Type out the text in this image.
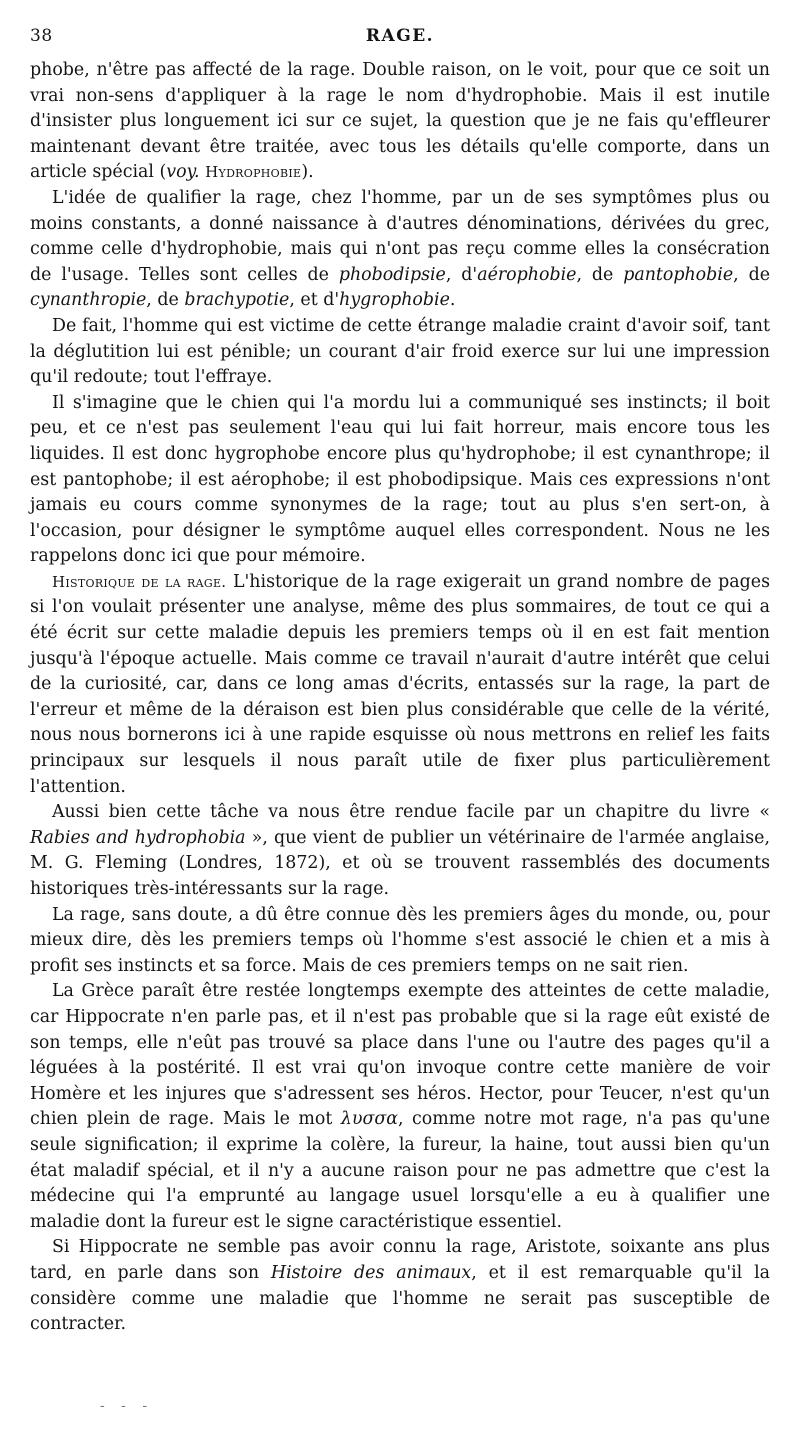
38	RAGE.

phobe, n'être pas affecté de la rage. Double raison, on le voit, pour que ce soit un vrai non-sens d'appliquer à la rage le nom d'hydrophobie. Mais il est inutile d'insister plus longuement ici sur ce sujet, la question que je ne fais qu'effleurer maintenant devant être traitée, avec tous les détails qu'elle comporte, dans un article spécial (voy. Hydrophobie).

L'idée de qualifier la rage, chez l'homme, par un de ses symptômes plus ou moins constants, a donné naissance à d'autres dénominations, dérivées du grec, comme celle d'hydrophobie, mais qui n'ont pas reçu comme elles la consécration de l'usage. Telles sont celles de phobodipsie, d'aérophobie, de pantophobie, de cynanthropie, de brachypotie, et d'hygrophobie.

De fait, l'homme qui est victime de cette étrange maladie craint d'avoir soif, tant la déglutition lui est pénible; un courant d'air froid exerce sur lui une impression qu'il redoute; tout l'effraye.

Il s'imagine que le chien qui l'a mordu lui a communiqué ses instincts; il boit peu, et ce n'est pas seulement l'eau qui lui fait horreur, mais encore tous les liquides. Il est donc hygrophobe encore plus qu'hydrophobe; il est cynanthrope; il est pantophobe; il est aérophobe; il est phobodipsique. Mais ces expressions n'ont jamais eu cours comme synonymes de la rage; tout au plus s'en sert-on, à l'occasion, pour désigner le symptôme auquel elles correspondent. Nous ne les rappelons donc ici que pour mémoire.

Historique de la rage. L'historique de la rage exigerait un grand nombre de pages si l'on voulait présenter une analyse, même des plus sommaires, de tout ce qui a été écrit sur cette maladie depuis les premiers temps où il en est fait mention jusqu'à l'époque actuelle. Mais comme ce travail n'aurait d'autre intérêt que celui de la curiosité, car, dans ce long amas d'écrits, entassés sur la rage, la part de l'erreur et même de la déraison est bien plus considérable que celle de la vérité, nous nous bornerons ici à une rapide esquisse où nous mettrons en relief les faits principaux sur lesquels il nous paraît utile de fixer plus particulièrement l'attention.

Aussi bien cette tâche va nous être rendue facile par un chapitre du livre « Rabies and hydrophobia », que vient de publier un vétérinaire de l'armée anglaise, M. G. Fleming (Londres, 1872), et où se trouvent rassemblés des documents historiques très-intéressants sur la rage.

La rage, sans doute, a dû être connue dès les premiers âges du monde, ou, pour mieux dire, dès les premiers temps où l'homme s'est associé le chien et a mis à profit ses instincts et sa force. Mais de ces premiers temps on ne sait rien.

La Grèce paraît être restée longtemps exempte des atteintes de cette maladie, car Hippocrate n'en parle pas, et il n'est pas probable que si la rage eût existé de son temps, elle n'eût pas trouvé sa place dans l'une ou l'autre des pages qu'il a léguées à la postérité. Il est vrai qu'on invoque contre cette manière de voir Homère et les injures que s'adressent ses héros. Hector, pour Teucer, n'est qu'un chien plein de rage. Mais le mot λυσσα, comme notre mot rage, n'a pas qu'une seule signification; il exprime la colère, la fureur, la haine, tout aussi bien qu'un état maladif spécial, et il n'y a aucune raison pour ne pas admettre que c'est la médecine qui l'a emprunté au langage usuel lorsqu'elle a eu à qualifier une maladie dont la fureur est le signe caractéristique essentiel.

Si Hippocrate ne semble pas avoir connu la rage, Aristote, soixante ans plus tard, en parle dans son Histoire des animaux, et il est remarquable qu'il la considère comme une maladie que l'homme ne serait pas susceptible de contracter.

- - -
